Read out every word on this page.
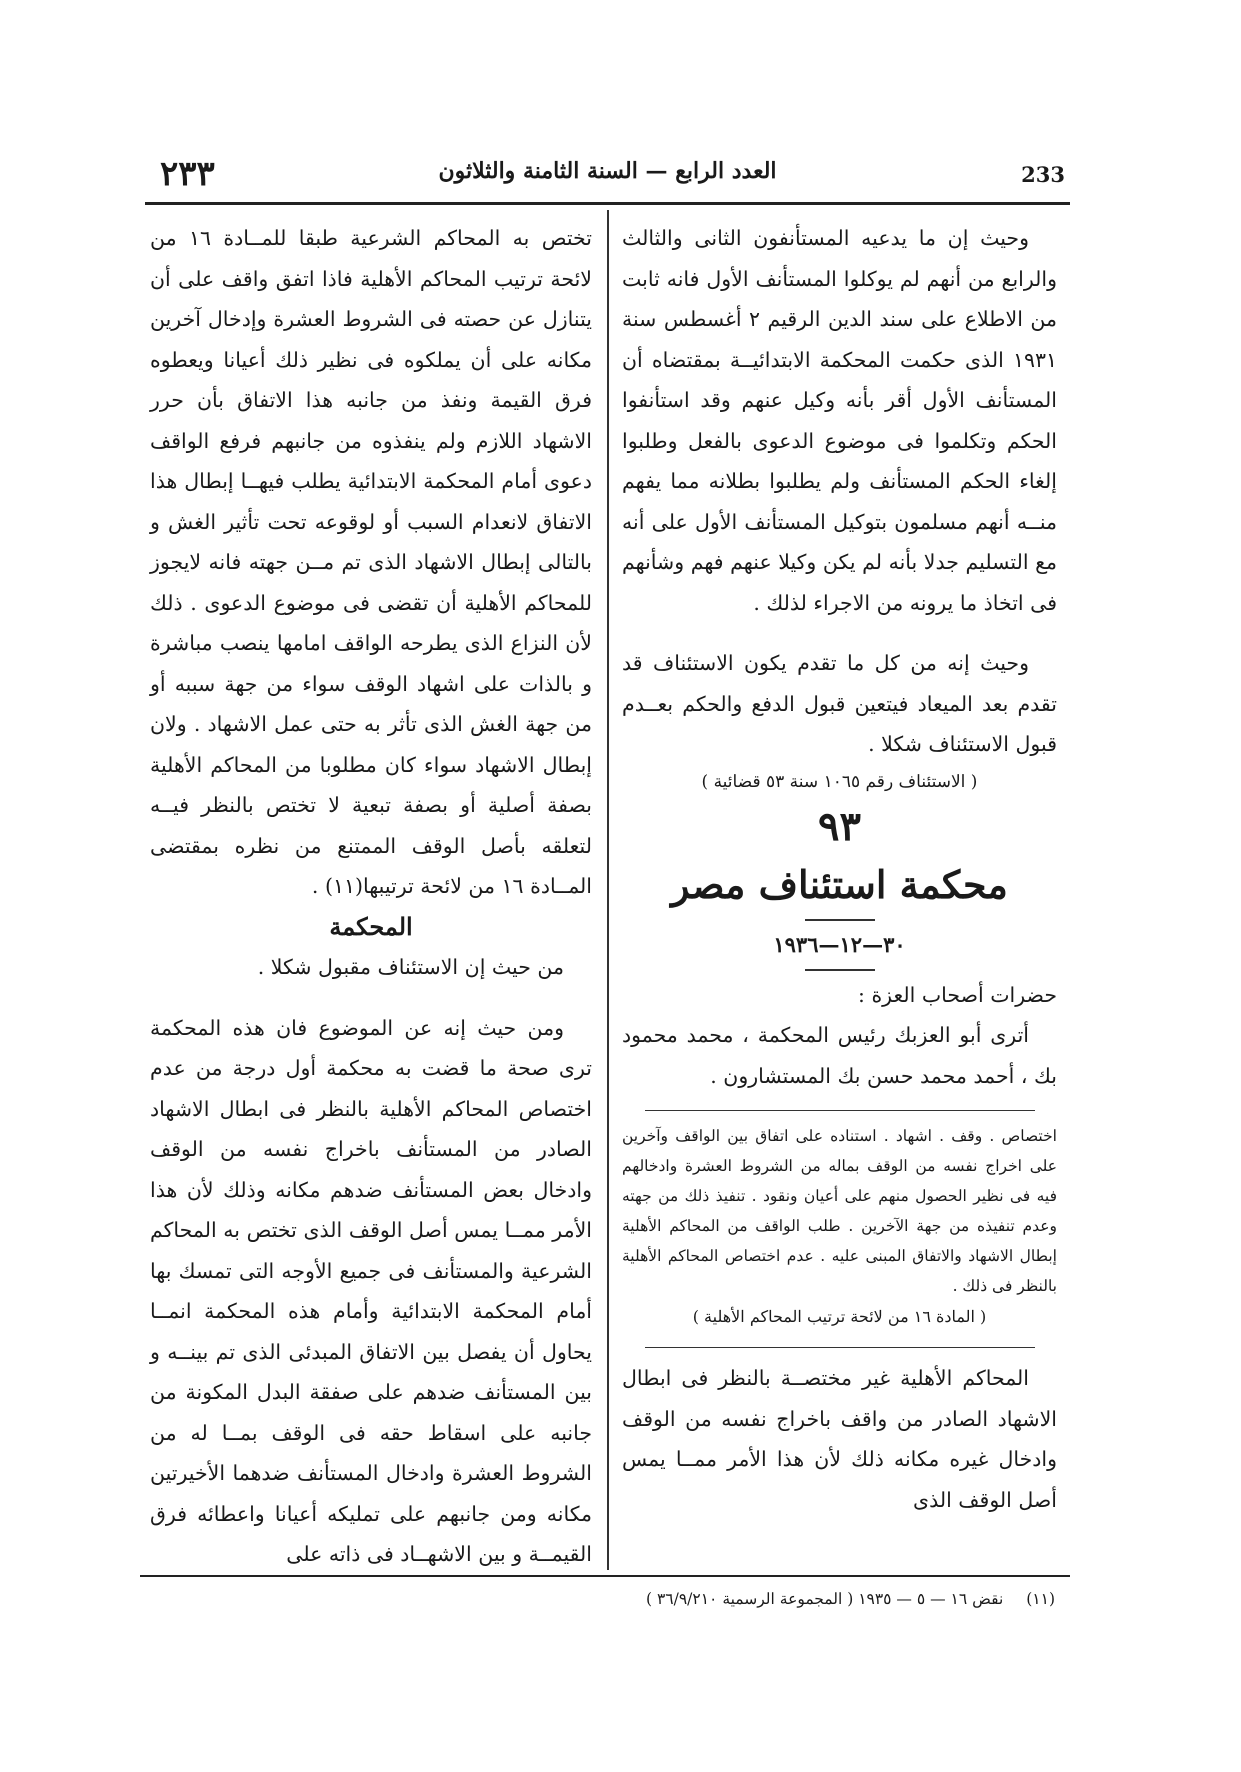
233
العدد الرابع — السنة الثامنة والثلاثون
٢٣٣

وحيث إن ما يدعيه المستأنفون الثانى والثالث والرابع من أنهم لم يوكلوا المستأنف الأول فانه ثابت من الاطلاع على سند الدين الرقيم ٢ أغسطس سنة ١٩٣١ الذى حكمت المحكمة الابتدائيــة بمقتضاه أن المستأنف الأول أقر بأنه وكيل عنهم وقد استأنفوا الحكم وتكلموا فى موضوع الدعوى بالفعل وطلبوا إلغاء الحكم المستأنف ولم يطلبوا بطلانه مما يفهم منــه أنهم مسلمون بتوكيل المستأنف الأول على أنه مع التسليم جدلا بأنه لم يكن وكيلا عنهم فهم وشأنهم فى اتخاذ ما يرونه من الاجراء لذلك .

وحيث إنه من كل ما تقدم يكون الاستئناف قد تقدم بعد الميعاد فيتعين قبول الدفع والحكم بعــدم قبول الاستئناف شكلا .

( الاستئناف رقم ١٠٦٥ سنة ٥٣ قضائية )

٩٣

محكمة استئناف مصر

٣٠—١٢—١٩٣٦

حضرات أصحاب العزة :

أترى أبو العزبك رئيس المحكمة ، محمد محمود بك ، أحمد محمد حسن بك المستشارون .

اختصاص . وقف . اشهاد . استناده على اتفاق بين الواقف وآخرين على اخراج نفسه من الوقف بماله من الشروط العشرة وادخالهم فيه فى نظير الحصول منهم على أعيان ونقود . تنفيذ ذلك من جهته وعدم تنفيذه من جهة الآخرين . طلب الواقف من المحاكم الأهلية إبطال الاشهاد والاتفاق المبنى عليه . عدم اختصاص المحاكم الأهلية بالنظر فى ذلك .

( المادة ١٦ من لائحة ترتيب المحاكم الأهلية )

المحاكم الأهلية غير مختصــة بالنظر فى ابطال الاشهاد الصادر من واقف باخراج نفسه من الوقف وادخال غيره مكانه ذلك لأن هذا الأمر ممــا يمس أصل الوقف الذى

تختص به المحاكم الشرعية طبقا للمــادة ١٦ من لائحة ترتيب المحاكم الأهلية فاذا اتفق واقف على أن يتنازل عن حصته فى الشروط العشرة وإدخال آخرين مكانه على أن يملكوه فى نظير ذلك أعيانا ويعطوه فرق القيمة ونفذ من جانبه هذا الاتفاق بأن حرر الاشهاد اللازم ولم ينفذوه من جانبهم فرفع الواقف دعوى أمام المحكمة الابتدائية يطلب فيهــا إبطال هذا الاتفاق لانعدام السبب أو لوقوعه تحت تأثير الغش و بالتالى إبطال الاشهاد الذى تم مــن جهته فانه لايجوز للمحاكم الأهلية أن تقضى فى موضوع الدعوى . ذلك لأن النزاع الذى يطرحه الواقف امامها ينصب مباشرة و بالذات على اشهاد الوقف سواء من جهة سببه أو من جهة الغش الذى تأثر به حتى عمل الاشهاد . ولان إبطال الاشهاد سواء كان مطلوبا من المحاكم الأهلية بصفة أصلية أو بصفة تبعية لا تختص بالنظر فيــه لتعلقه بأصل الوقف الممتنع من نظره بمقتضى المــادة ١٦ من لائحة ترتيبها(١١) .

المحكمة

من حيث إن الاستئناف مقبول شكلا .

ومن حيث إنه عن الموضوع فان هذه المحكمة ترى صحة ما قضت به محكمة أول درجة من عدم اختصاص المحاكم الأهلية بالنظر فى ابطال الاشهاد الصادر من المستأنف باخراج نفسه من الوقف وادخال بعض المستأنف ضدهم مكانه وذلك لأن هذا الأمر ممــا يمس أصل الوقف الذى تختص به المحاكم الشرعية والمستأنف فى جميع الأوجه التى تمسك بها أمام المحكمة الابتدائية وأمام هذه المحكمة انمــا يحاول أن يفصل بين الاتفاق المبدئى الذى تم بينــه و بين المستأنف ضدهم على صفقة البدل المكونة من جانبه على اسقاط حقه فى الوقف بمــا له من الشروط العشرة وادخال المستأنف ضدهما الأخيرتين مكانه ومن جانبهم على تمليكه أعيانا واعطائه فرق القيمــة و بين الاشهــاد فى ذاته على

(١١) نقض ١٦ — ٥ — ١٩٣٥ ( المجموعة الرسمية ٣٦/٩/٢١٠ )
